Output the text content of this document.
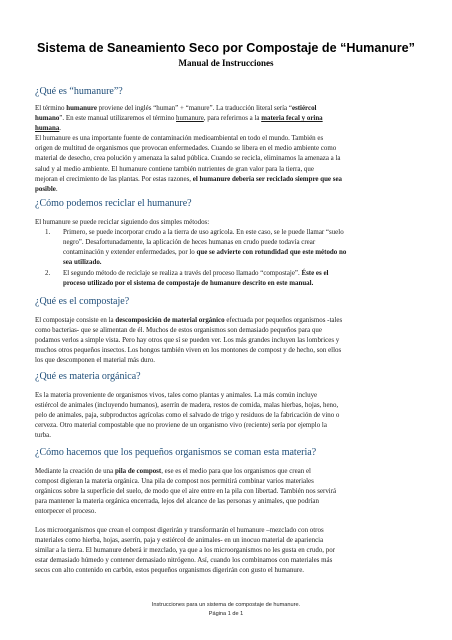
Sistema de Saneamiento Seco por Compostaje de “Humanure”
Manual de Instrucciones
¿Qué es “humanure”?
El término humanure proviene del inglés “human” + “manure”. La traducción literal sería “estiércol
humano”. En este manual utilizaremos el término humanure, para referirnos a la materia fecal y orina
humana.
El humanure es una importante fuente de contaminación medioambiental en todo el mundo. También es
origen de multitud de organismos que provocan enfermedades. Cuando se libera en el medio ambiente como
material de desecho, crea polución y amenaza la salud pública. Cuando se recicla, eliminamos la amenaza a la
salud y al medio ambiente. El humanure contiene también nutrientes de gran valor para la tierra, que
mejoran el crecimiento de las plantas. Por estas razones, el humanure debería ser reciclado siempre que sea
posible.
¿Cómo podemos reciclar el humanure?
El humanure se puede reciclar siguiendo dos simples métodos:
1.	Primero, se puede incorporar crudo a la tierra de uso agrícola. En este caso, se le puede llamar “suelo
negro”. Desafortunadamente, la aplicación de heces humanas en crudo puede todavía crear
contaminación y extender enfermedades, por lo que se advierte con rotundidad que este método no
sea utilizado.
2.	El segundo método de reciclaje se realiza a través del proceso llamado “compostaje”. Éste es el
proceso utilizado por el sistema de compostaje de humanure descrito en este manual.
¿Qué es el compostaje?
El compostaje consiste en la descomposición de material orgánico efectuada por pequeños organismos -tales
como bacterias- que se alimentan de él. Muchos de estos organismos son demasiado pequeños para que
podamos verlos a simple vista. Pero hay otros que sí se pueden ver. Los más grandes incluyen las lombrices y
muchos otros pequeños insectos. Los hongos también viven en los montones de compost y de hecho, son ellos
los que descomponen el material más duro.
¿Qué es materia orgánica?
Es la materia proveniente de organismos vivos, tales como plantas y animales. La más común incluye
estiércol de animales (incluyendo humanos), aserrín de madera, restos de comida, malas hierbas, hojas, heno,
pelo de animales, paja, subproductos agrícolas como el salvado de trigo y residuos de la fabricación de vino o
cerveza. Otro material compostable que no proviene de un organismo vivo (reciente) sería por ejemplo la
turba.
¿Cómo hacemos que los pequeños organismos se coman esta materia?
Mediante la creación de una pila de compost, ese es el medio para que los organismos que crean el
compost digieran la materia orgánica. Una pila de compost nos permitirá combinar varios materiales
orgánicos sobre la superficie del suelo, de modo que el aire entre en la pila con libertad. También nos servirá
para mantener la materia orgánica encerrada, lejos del alcance de las personas y animales, que podrían
entorpecer el proceso.
Los microorganismos que crean el compost digerirán y transformarán el humanure –mezclado con otros
materiales como hierba, hojas, aserrín, paja y estiércol de animales- en un inocuo material de apariencia
similar a la tierra. El humanure deberá ir mezclado, ya que a los microorganismos no les gusta en crudo, por
estar demasiado húmedo y contener demasiado nitrógeno. Así, cuando los combinamos con materiales más
secos con alto contenido en carbón, estos pequeños organismos digerirán con gusto el humanure.
Instrucciones para un sistema de compostaje de humanure.
Página 1 de 1
